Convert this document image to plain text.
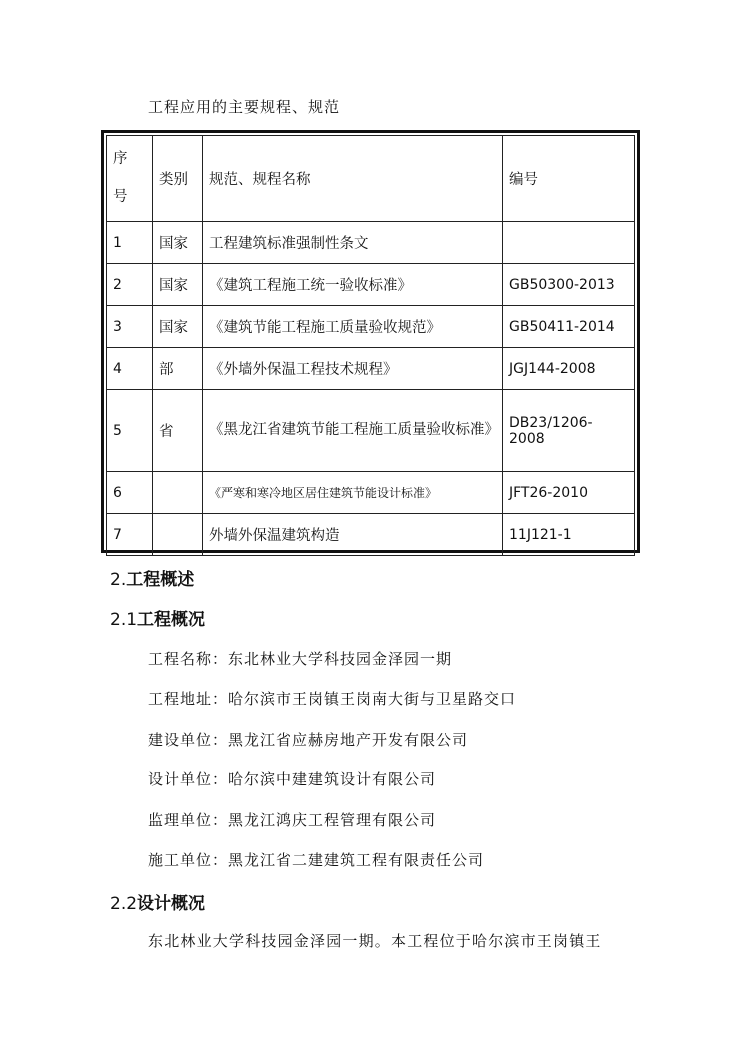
工程应用的主要规程、规范
序
号	类别	规范、规程名称	编号
1	国家	工程建筑标准强制性条文	
2	国家	《建筑工程施工统一验收标准》	GB50300-2013
3	国家	《建筑节能工程施工质量验收规范》	GB50411-2014
4	部	《外墙外保温工程技术规程》	JGJ144-2008
5	省	《黑龙江省建筑节能工程施工质量验收标准》	DB23/1206-2008
6		《严寒和寒冷地区居住建筑节能设计标准》	JFT26-2010
7		外墙外保温建筑构造	11J121-1
2.工程概述
2.1工程概况
工程名称：东北林业大学科技园金泽园一期
工程地址：哈尔滨市王岗镇王岗南大街与卫星路交口
建设单位：黑龙江省应赫房地产开发有限公司
设计单位：哈尔滨中建建筑设计有限公司
监理单位：黑龙江鸿庆工程管理有限公司
施工单位：黑龙江省二建建筑工程有限责任公司
2.2设计概况
东北林业大学科技园金泽园一期。本工程位于哈尔滨市王岗镇王
